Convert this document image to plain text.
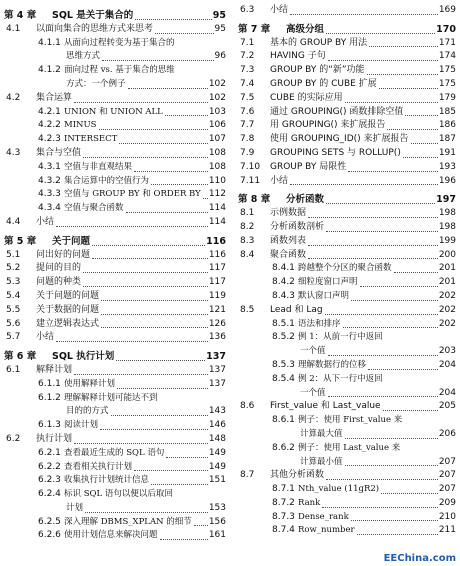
第 4 章	SQL 是关于集合的	95
4.1	以面向集合的思维方式来思考	95
4.1.1 从面向过程转变为基于集合的
思维方式	96
4.1.2 面向过程 vs. 基于集合的思维
方式：一个例子	102
4.2	集合运算	102
4.2.1 UNION 和 UNION ALL	103
4.2.2 MINUS	106
4.2.3 INTERSECT	107
4.3	集合与空值	108
4.3.1 空值与非直观结果	108
4.3.2 集合运算中的空值行为	110
4.3.3 空值与 GROUP BY 和 ORDER BY 112
4.3.4 空值与聚合函数	114
4.4	小结	114
第 5 章	关于问题	116
5.1	问出好的问题	116
5.2	提问的目的	117
5.3	问题的种类	117
5.4	关于问题的问题	119
5.5	关于数据的问题	121
5.6	建立逻辑表达式	126
5.7	小结	136
第 6 章	SQL 执行计划	137
6.1	解释计划	137
6.1.1 使用解释计划	137
6.1.2 理解解释计划可能达不到
目的的方式	143
6.1.3 阅读计划	146
6.2	执行计划	148
6.2.1 查看最近生成的 SQL 语句	149
6.2.2 查看相关执行计划	149
6.2.3 收集执行计划统计信息	151
6.2.4 标识 SQL 语句以便以后取回
计划	153
6.2.5 深入理解 DBMS_XPLAN 的细节 156
6.2.6 使用计划信息来解决问题	161
6.3	小结	169
第 7 章	高级分组	170
7.1	基本的 GROUP BY 用法	171
7.2	HAVING 子句	174
7.3	GROUP BY 的“新”功能	175
7.4	GROUP BY 的 CUBE 扩展	175
7.5	CUBE 的实际应用	179
7.6	通过 GROUPING() 函数排除空值	185
7.7	用 GROUPING() 来扩展报告	186
7.8	使用 GROUPING_ID() 来扩展报告	187
7.9	GROUPING SETS 与 ROLLUP()	191
7.10	GROUP BY 局限性	193
7.11	小结	196
第 8 章	分析函数	197
8.1	示例数据	198
8.2	分析函数剖析	198
8.3	函数列表	199
8.4	聚合函数	200
8.4.1 跨越整个分区的聚合函数	201
8.4.2 细粒度窗口声明	201
8.4.3 默认窗口声明	202
8.5	Lead 和 Lag	202
8.5.1 语法和排序	202
8.5.2 例 1：从前一行中返回
一个值	203
8.5.3 理解数据行的位移	204
8.5.4 例 2：从下一行中返回
一个值	204
8.6	First_value 和 Last_value	205
8.6.1 例子：使用 First_value 来
计算最大值	206
8.6.2 例子：使用 Last_value 来
计算最小值	207
8.7	其他分析函数	207
8.7.1 Nth_value (11gR2)	207
8.7.2 Rank	209
8.7.3 Dense_rank	210
8.7.4 Row_number	211
EEChina.com
